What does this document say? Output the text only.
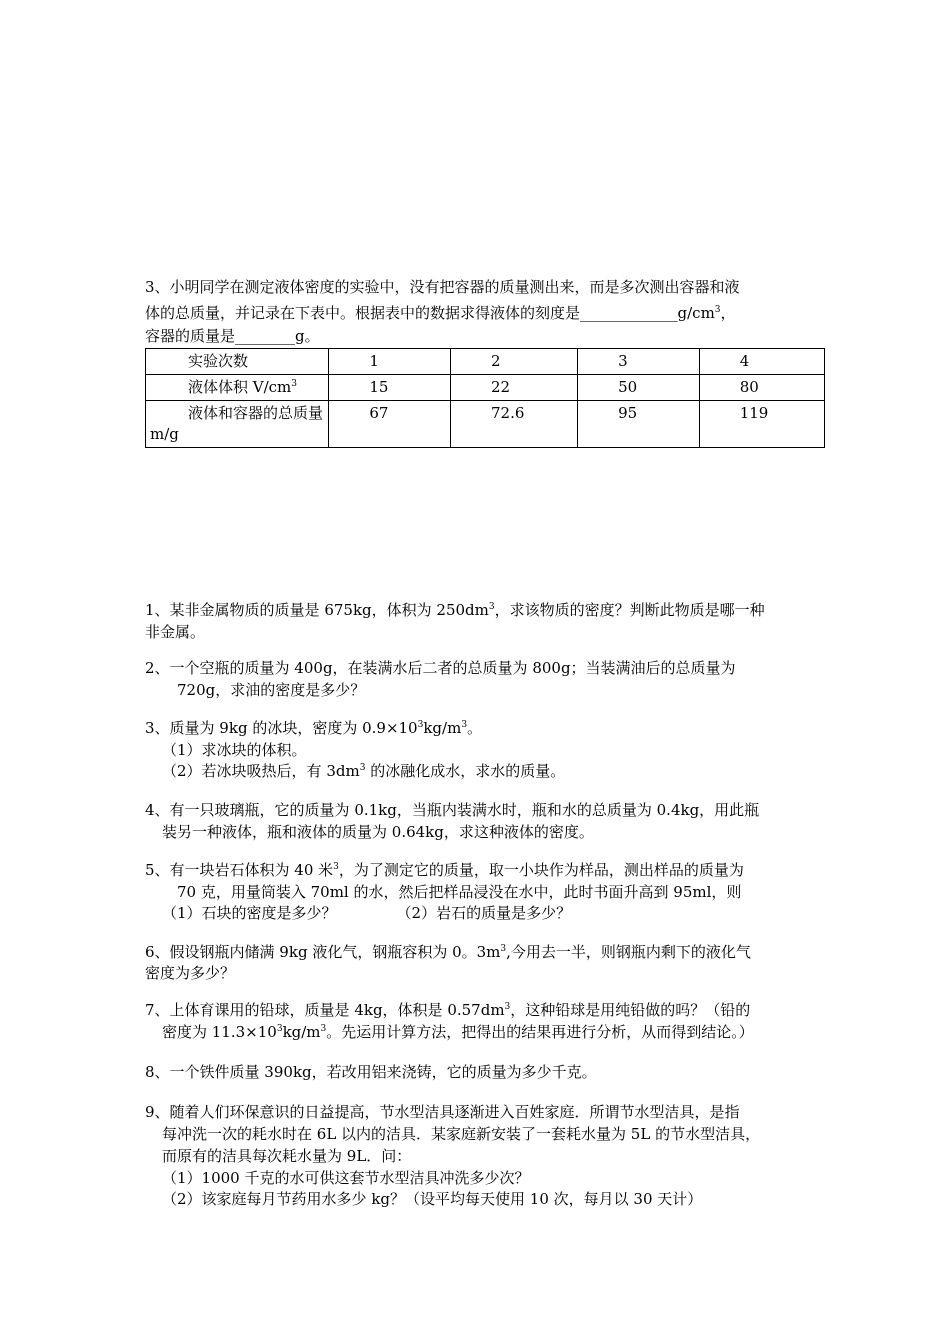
3、小明同学在测定液体密度的实验中，没有把容器的质量测出来，而是多次测出容器和液
体的总质量，并记录在下表中。根据表中的数据求得液体的刻度是$\_\_\_\_\_\_\_\_\_\_\_\_\_g/cm^3$，
容器的质量是________g。
实验次数	1	2	3	4
液体体积 $V/cm^3$	15	22	50	80

液体和容器的总质量
m/g	67	72.6	95	119
1、某非金属物质的质量是 675kg，体积为 $250dm^3$，求该物质的密度？判断此物质是哪一种
非金属。
2、一个空瓶的质量为 400g，在装满水后二者的总质量为 800g；当装满油后的总质量为
720g，求油的密度是多少？
3、质量为 9kg 的冰块，密度为 $0.9\times 10^3kg/m^3$。
（1）求冰块的体积。
（2）若冰块吸热后，有 $3dm^3$ 的冰融化成水，求水的质量。
4、有一只玻璃瓶，它的质量为 0.1kg，当瓶内装满水时，瓶和水的总质量为 0.4kg，用此瓶
装另一种液体，瓶和液体的质量为 0.64kg，求这种液体的密度。
5、有一块岩石体积为 40 米$^3$，为了测定它的质量，取一小块作为样品，测出样品的质量为
70 克，用量筒装入 70ml 的水，然后把样品浸没在水中，此时书面升高到 95ml，则
（1）石块的密度是多少？	（2）岩石的质量是多少？
6、假设钢瓶内储满 9kg 液化气，钢瓶容积为 0。$3m^3$,今用去一半，则钢瓶内剩下的液化气
密度为多少？
7、上体育课用的铅球，质量是 4kg，体积是 $0.57dm^3$，这种铅球是用纯铅做的吗？（铅的
密度为 $11.3\times 10^3kg/m^3$。先运用计算方法，把得出的结果再进行分析，从而得到结论。）
8、一个铁件质量 390kg，若改用铝来浇铸，它的质量为多少千克。
9、随着人们环保意识的日益提高，节水型洁具逐渐进入百姓家庭．所谓节水型洁具，是指
每冲洗一次的耗水时在 6L 以内的洁具．某家庭新安装了一套耗水量为 5L 的节水型洁具，
而原有的洁具每次耗水量为 9L．问：
（1）1000 千克的水可供这套节水型洁具冲洗多少次？
（2）该家庭每月节药用水多少 kg？（设平均每天使用 10 次，每月以 30 天计）
